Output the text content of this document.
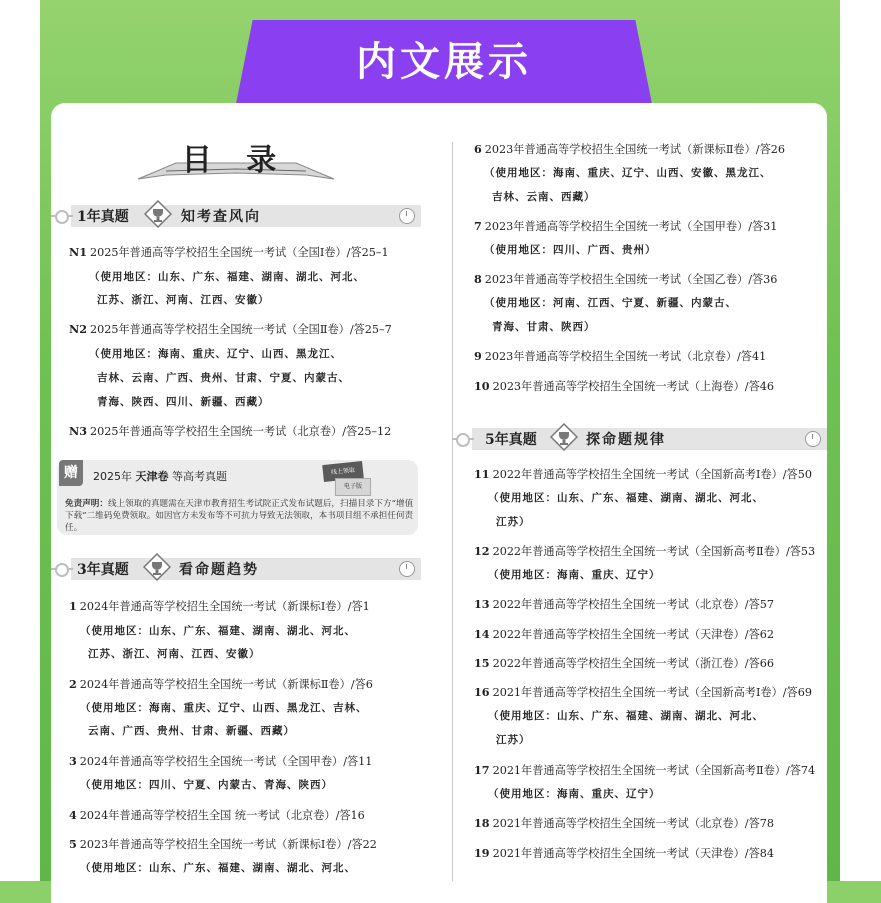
内文展示
目 录
1年真题	知考查风向
N1 2025年普通高等学校招生全国统一考试（全国Ⅰ卷）/答25–1
（使用地区：山东、广东、福建、湖南、湖北、河北、
江苏、浙江、河南、江西、安徽）
N2 2025年普通高等学校招生全国统一考试（全国Ⅱ卷）/答25–7
（使用地区：海南、重庆、辽宁、山西、黑龙江、
吉林、云南、广西、贵州、甘肃、宁夏、内蒙古、
青海、陕西、四川、新疆、西藏）
N3 2025年普通高等学校招生全国统一考试（北京卷）/答25–12
赠	2025年 天津卷 等高考真题	线上领取
电子版
免责声明：线上领取的真题需在天津市教育招生考试院正式发布试题后，扫描目录下方“增值下载”二维码免费领取。如因官方未发布等不可抗力导致无法领取，本书项目组不承担任何责任。
3年真题	看命题趋势
1 2024年普通高等学校招生全国统一考试（新课标Ⅰ卷）/答1
（使用地区：山东、广东、福建、湖南、湖北、河北、
江苏、浙江、河南、江西、安徽）
2 2024年普通高等学校招生全国统一考试（新课标Ⅱ卷）/答6
（使用地区：海南、重庆、辽宁、山西、黑龙江、吉林、
云南、广西、贵州、甘肃、新疆、西藏）
3 2024年普通高等学校招生全国统一考试（全国甲卷）/答11
（使用地区：四川、宁夏、内蒙古、青海、陕西）
4 2024年普通高等学校招生全国 统一考试（北京卷）/答16
5 2023年普通高等学校招生全国统一考试（新课标Ⅰ卷）/答22
（使用地区：山东、广东、福建、湖南、湖北、河北、
6 2023年普通高等学校招生全国统一考试（新课标Ⅱ卷）/答26
（使用地区：海南、重庆、辽宁、山西、安徽、黑龙江、
吉林、云南、西藏）
7 2023年普通高等学校招生全国统一考试（全国甲卷）/答31
（使用地区：四川、广西、贵州）
8 2023年普通高等学校招生全国统一考试（全国乙卷）/答36
（使用地区：河南、江西、宁夏、新疆、内蒙古、
青海、甘肃、陕西）
9 2023年普通高等学校招生全国统一考试（北京卷）/答41
10 2023年普通高等学校招生全国统一考试（上海卷）/答46
5年真题	探命题规律
11 2022年普通高等学校招生全国统一考试（全国新高考Ⅰ卷）/答50
（使用地区：山东、广东、福建、湖南、湖北、河北、
江苏）
12 2022年普通高等学校招生全国统一考试（全国新高考Ⅱ卷）/答53
（使用地区：海南、重庆、辽宁）
13 2022年普通高等学校招生全国统一考试（北京卷）/答57
14 2022年普通高等学校招生全国统一考试（天津卷）/答62
15 2022年普通高等学校招生全国统一考试（浙江卷）/答66
16 2021年普通高等学校招生全国统一考试（全国新高考Ⅰ卷）/答69
（使用地区：山东、广东、福建、湖南、湖北、河北、
江苏）
17 2021年普通高等学校招生全国统一考试（全国新高考Ⅱ卷）/答74
（使用地区：海南、重庆、辽宁）
18 2021年普通高等学校招生全国统一考试（北京卷）/答78
19 2021年普通高等学校招生全国统一考试（天津卷）/答84
